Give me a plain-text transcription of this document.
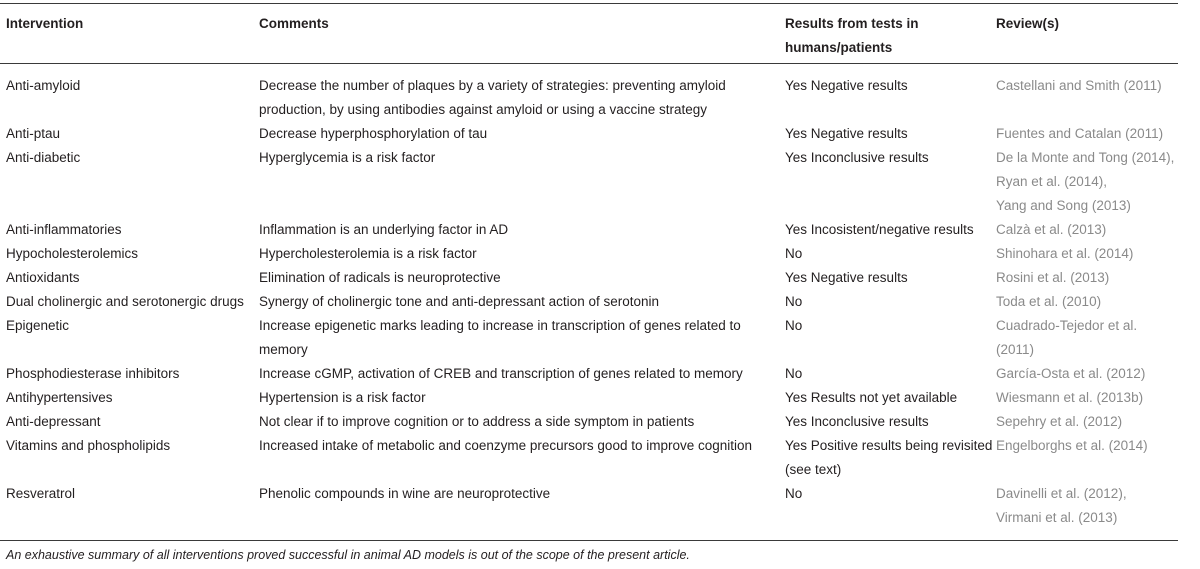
Intervention	Comments	Results from tests in humans/patients	Review(s)
Anti-amyloid	Decrease the number of plaques by a variety of strategies: preventing amyloid production, by using antibodies against amyloid or using a vaccine strategy	Yes Negative results	Castellani and Smith (2011)
Anti-ptau	Decrease hyperphosphorylation of tau	Yes Negative results	Fuentes and Catalan (2011)
Anti-diabetic	Hyperglycemia is a risk factor	Yes Inconclusive results	De la Monte and Tong (2014),
Ryan et al. (2014),
Yang and Song (2013)

Anti-inflammatories	Inflammation is an underlying factor in AD	Yes Incosistent/negative results	Calzà et al. (2013)
Hypocholesterolemics	Hypercholesterolemia is a risk factor	No	Shinohara et al. (2014)
Antioxidants	Elimination of radicals is neuroprotective	Yes Negative results	Rosini et al. (2013)
Dual cholinergic and serotonergic drugs	Synergy of cholinergic tone and anti-depressant action of serotonin	No	Toda et al. (2010)
Epigenetic	Increase epigenetic marks leading to increase in transcription of genes related to memory	No	Cuadrado-Tejedor et al. (2011)
Phosphodiesterase inhibitors	Increase cGMP, activation of CREB and transcription of genes related to memory	No	García-Osta et al. (2012)
Antihypertensives	Hypertension is a risk factor	Yes Results not yet available	Wiesmann et al. (2013b)
Anti-depressant	Not clear if to improve cognition or to address a side symptom in patients	Yes Inconclusive results	Sepehry et al. (2012)
Vitamins and phospholipids	Increased intake of metabolic and coenzyme precursors good to improve cognition	Yes Positive results being revisited (see text)	Engelborghs et al. (2014)
Resveratrol	Phenolic compounds in wine are neuroprotective	No	Davinelli et al. (2012),
Virmani et al. (2013)
An exhaustive summary of all interventions proved successful in animal AD models is out of the scope of the present article.
